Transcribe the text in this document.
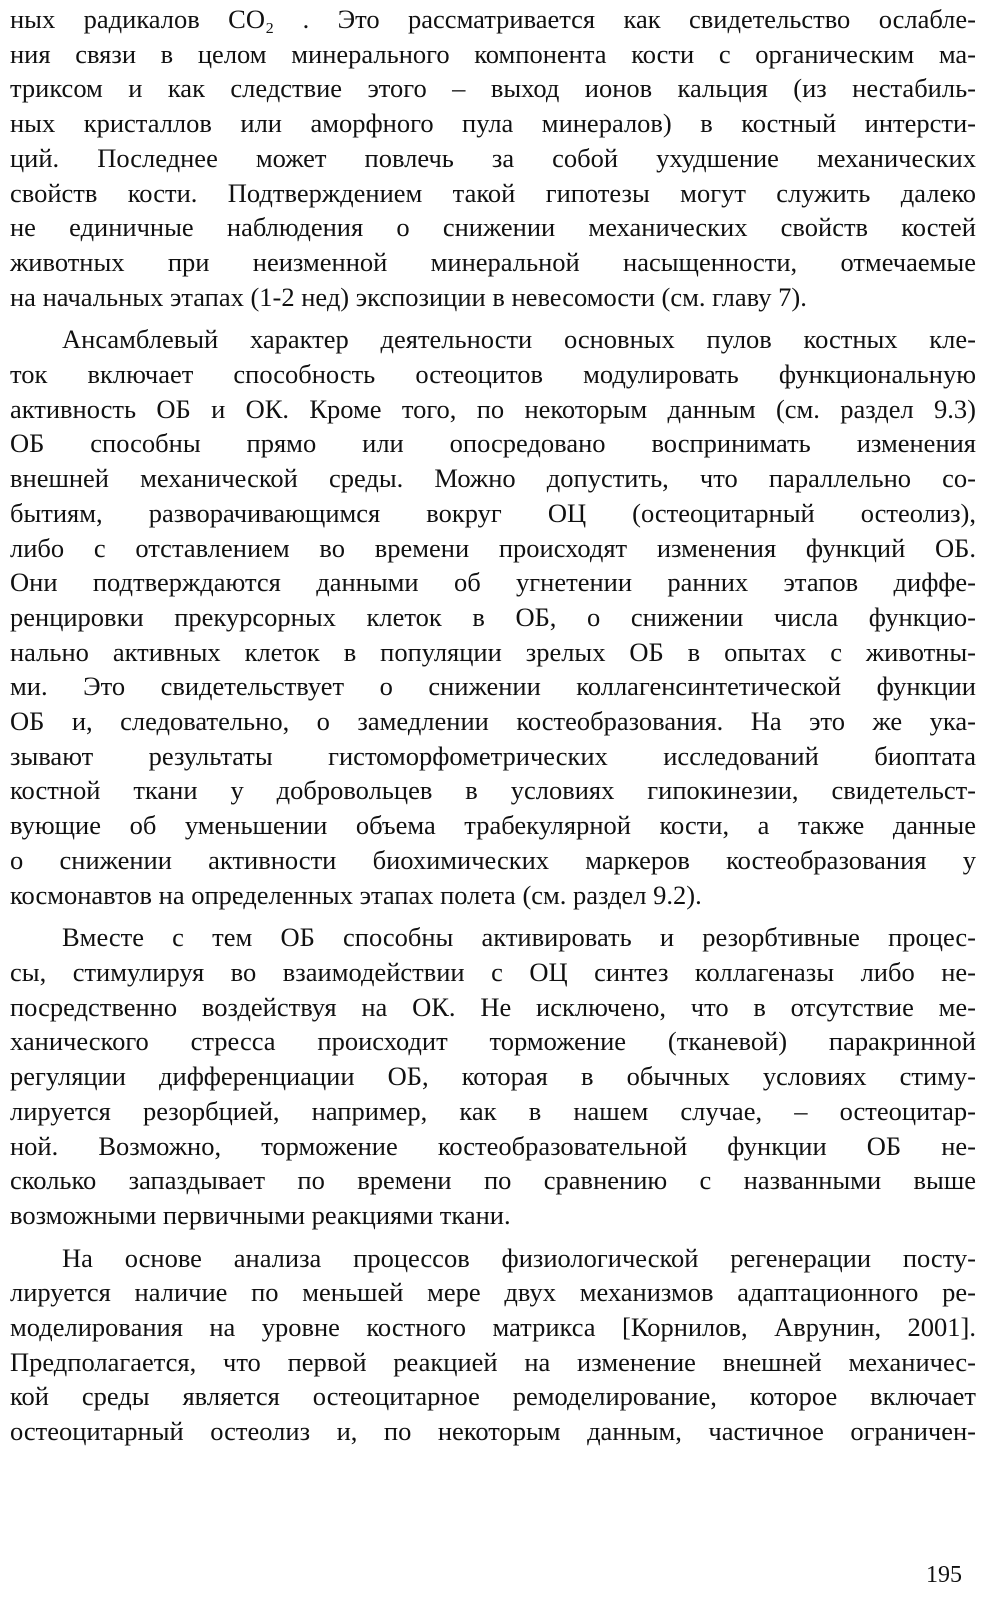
ных радикалов CO₂ . Это рассматривается как свидетельство ослабле-
ния связи в целом минерального компонента кости с органическим ма-
триксом и как следствие этого – выход ионов кальция (из нестабиль-
ных кристаллов или аморфного пула минералов) в костный интерсти-
ций. Последнее может повлечь за собой ухудшение механических
свойств кости. Подтверждением такой гипотезы могут служить далеко
не единичные наблюдения о снижении механических свойств костей
животных при неизменной минеральной насыщенности, отмечаемые
на начальных этапах (1-2 нед) экспозиции в невесомости (см. главу 7).

Ансамблевый характер деятельности основных пулов костных кле-
ток включает способность остеоцитов модулировать функциональную
активность ОБ и ОК. Кроме того, по некоторым данным (см. раздел 9.3)
ОБ способны прямо или опосредовано воспринимать изменения
внешней механической среды. Можно допустить, что параллельно со-
бытиям, разворачивающимся вокруг ОЦ (остеоцитарный остеолиз),
либо с отставлением во времени происходят изменения функций ОБ.
Они подтверждаются данными об угнетении ранних этапов диффе-
ренцировки прекурсорных клеток в ОБ, о снижении числа функцио-
нально активных клеток в популяции зрелых ОБ в опытах с животны-
ми. Это свидетельствует о снижении коллагенсинтетической функции
ОБ и, следовательно, о замедлении костеобразования. На это же ука-
зывают результаты гистоморфометрических исследований биоптата
костной ткани у добровольцев в условиях гипокинезии, свидетельст-
вующие об уменьшении объема трабекулярной кости, а также данные
о снижении активности биохимических маркеров костеобразования у
космонавтов на определенных этапах полета (см. раздел 9.2).

Вместе с тем ОБ способны активировать и резорбтивные процес-
сы, стимулируя во взаимодействии с ОЦ синтез коллагеназы либо не-
посредственно воздействуя на ОК. Не исключено, что в отсутствие ме-
ханического стресса происходит торможение (тканевой) паракринной
регуляции дифференциации ОБ, которая в обычных условиях стиму-
лируется резорбцией, например, как в нашем случае, – остеоцитар-
ной. Возможно, торможение костеобразовательной функции ОБ не-
сколько запаздывает по времени по сравнению с названными выше
возможными первичными реакциями ткани.

На основе анализа процессов физиологической регенерации посту-
лируется наличие по меньшей мере двух механизмов адаптационного ре-
моделирования на уровне костного матрикса [Корнилов, Аврунин, 2001].
Предполагается, что первой реакцией на изменение внешней механичес-
кой среды является остеоцитарное ремоделирование, которое включает
остеоцитарный остеолиз и, по некоторым данным, частичное ограничен-

195
